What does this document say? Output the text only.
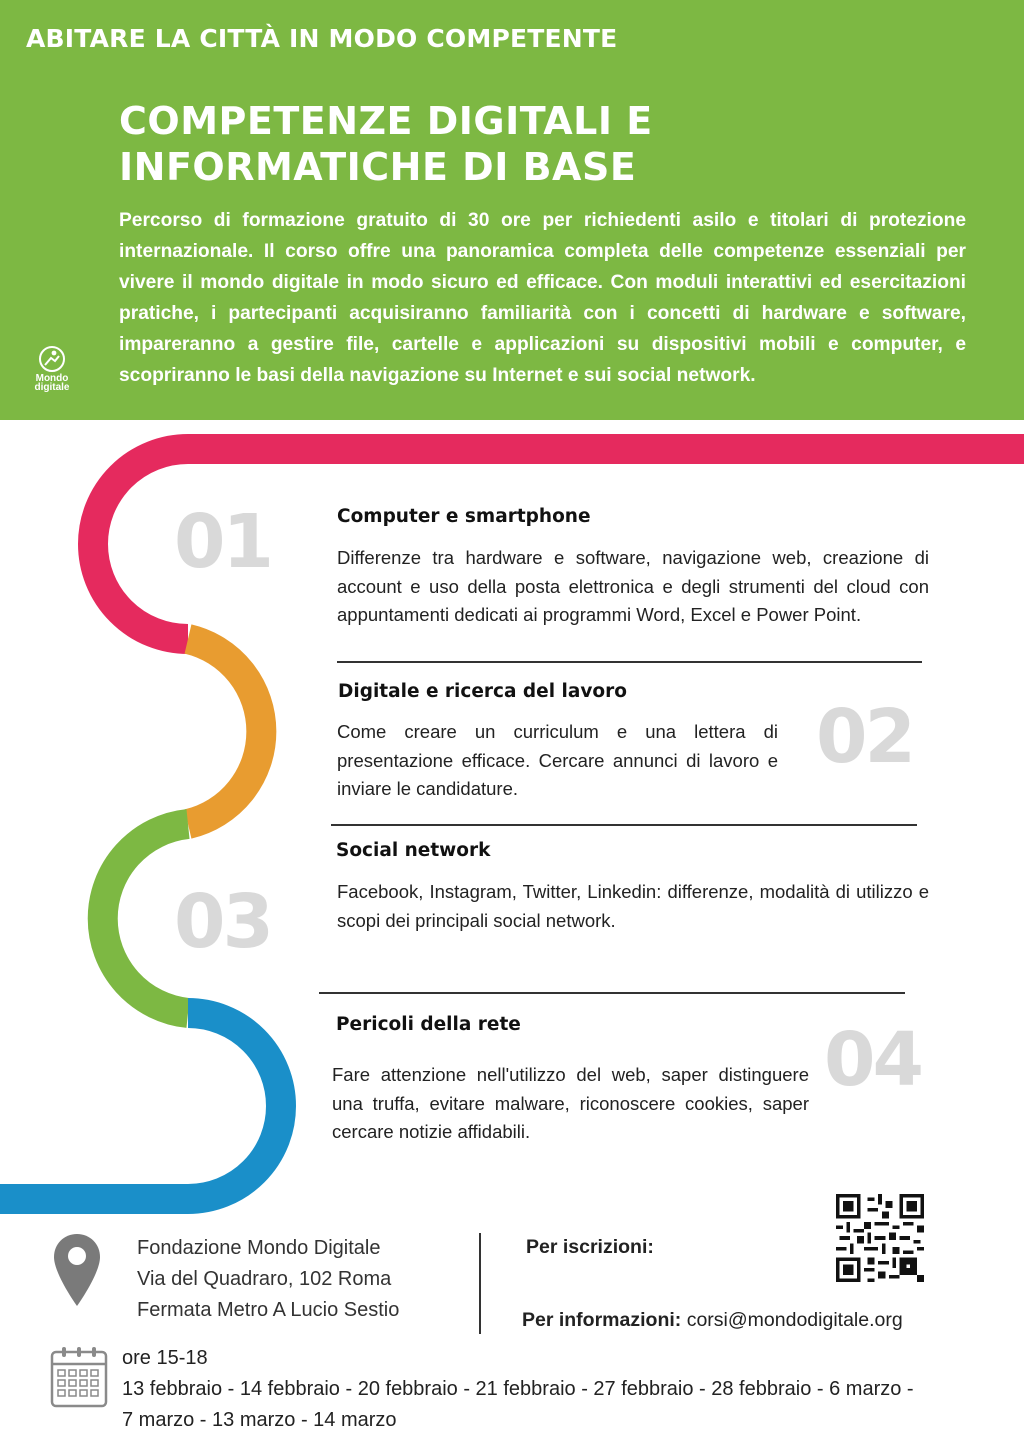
ABITARE LA CITTÀ IN MODO COMPETENTE
COMPETENZE DIGITALI E
INFORMATICHE DI BASE
Percorso di formazione gratuito di 30 ore per richiedenti asilo e titolari di protezione internazionale. Il corso offre una panoramica completa delle competenze essenziali per vivere il mondo digitale in modo sicuro ed efficace. Con moduli interattivi ed esercitazioni pratiche, i partecipanti acquisiranno familiarità con i concetti di hardware e software, impareranno a gestire file, cartelle e applicazioni su dispositivi mobili e computer, e scopriranno le basi della navigazione su Internet e sui social network.
Mondo
digitale
01	Computer e smartphone
Differenze tra hardware e software, navigazione web, creazione di account e uso della posta elettronica e degli strumenti del cloud con appuntamenti dedicati ai programmi Word, Excel e Power Point.
Digitale e ricerca del lavoro
Come creare un curriculum e una lettera di presentazione efficace. Cercare annunci di lavoro e inviare le candidature.
02
Social network
Facebook, Instagram, Twitter, Linkedin: differenze, modalità di utilizzo e scopi dei principali social network.
03
Pericoli della rete
Fare attenzione nell'utilizzo del web, saper distinguere una truffa, evitare malware, riconoscere cookies, saper cercare notizie affidabili.
04
Fondazione Mondo Digitale
Via del Quadraro, 102 Roma
Fermata Metro A Lucio Sestio
Per iscrizioni:
Per informazioni: corsi@mondodigitale.org
ore 15-18
13 febbraio - 14 febbraio - 20 febbraio - 21 febbraio - 27 febbraio - 28 febbraio - 6 marzo -
7 marzo - 13 marzo - 14 marzo
